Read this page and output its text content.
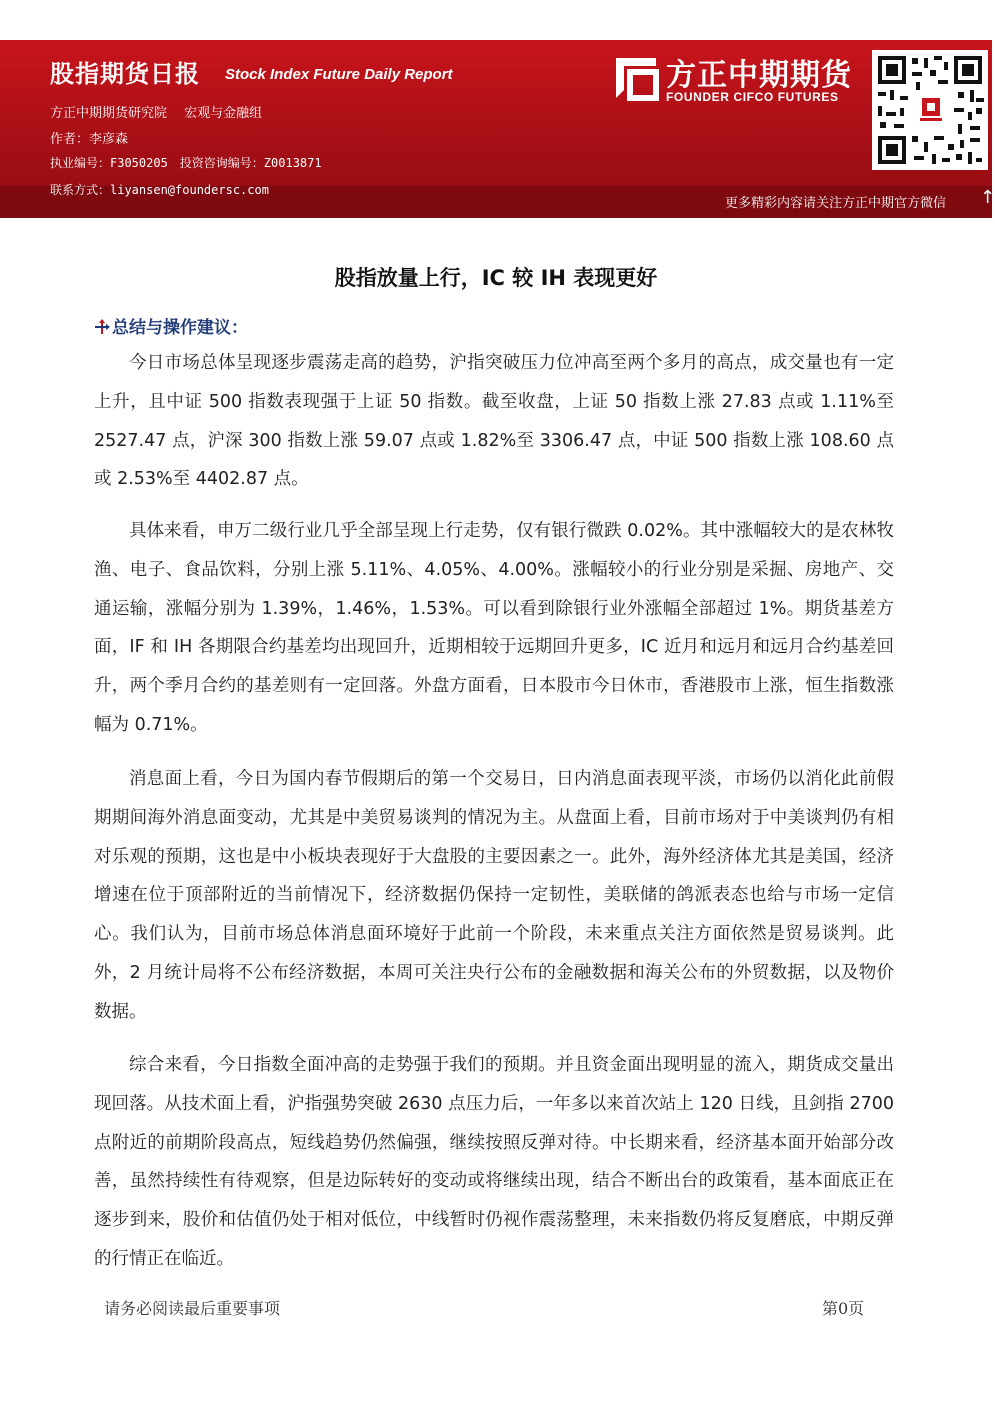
股指期货日报 Stock Index Future Daily Report
方正中期期货研究院　 宏观与金融组
作者：李彦森
执业编号：F3050205　投资咨询编号：Z0013871
联系方式：liyansen@foundersc.com
方正中期期货
FOUNDER CIFCO FUTURES
更多精彩内容请关注方正中期官方微信 ↑
股指放量上行，IC 较 IH 表现更好
总结与操作建议：
今日市场总体呈现逐步震荡走高的趋势，沪指突破压力位冲高至两个多月的高点，成交量也有一定上升，且中证 500 指数表现强于上证 50 指数。截至收盘，上证 50 指数上涨 27.83 点或 1.11%至 2527.47 点，沪深 300 指数上涨 59.07 点或 1.82%至 3306.47 点，中证 500 指数上涨 108.60 点或 2.53%至 4402.87 点。
具体来看，申万二级行业几乎全部呈现上行走势，仅有银行微跌 0.02%。其中涨幅较大的是农林牧渔、电子、食品饮料，分别上涨 5.11%、4.05%、4.00%。涨幅较小的行业分别是采掘、房地产、交通运输，涨幅分别为 1.39%，1.46%，1.53%。可以看到除银行业外涨幅全部超过 1%。期货基差方面，IF 和 IH 各期限合约基差均出现回升，近期相较于远期回升更多，IC 近月和远月和远月合约基差回升，两个季月合约的基差则有一定回落。外盘方面看，日本股市今日休市，香港股市上涨，恒生指数涨幅为 0.71%。
消息面上看，今日为国内春节假期后的第一个交易日，日内消息面表现平淡，市场仍以消化此前假期期间海外消息面变动，尤其是中美贸易谈判的情况为主。从盘面上看，目前市场对于中美谈判仍有相对乐观的预期，这也是中小板块表现好于大盘股的主要因素之一。此外，海外经济体尤其是美国，经济增速在位于顶部附近的当前情况下，经济数据仍保持一定韧性，美联储的鸽派表态也给与市场一定信心。我们认为，目前市场总体消息面环境好于此前一个阶段，未来重点关注方面依然是贸易谈判。此外，2 月统计局将不公布经济数据，本周可关注央行公布的金融数据和海关公布的外贸数据，以及物价数据。
综合来看，今日指数全面冲高的走势强于我们的预期。并且资金面出现明显的流入，期货成交量出现回落。从技术面上看，沪指强势突破 2630 点压力后，一年多以来首次站上 120 日线，且剑指 2700 点附近的前期阶段高点，短线趋势仍然偏强，继续按照反弹对待。中长期来看，经济基本面开始部分改善，虽然持续性有待观察，但是边际转好的变动或将继续出现，结合不断出台的政策看，基本面底正在逐步到来，股价和估值仍处于相对低位，中线暂时仍视作震荡整理，未来指数仍将反复磨底，中期反弹的行情正在临近。
请务必阅读最后重要事项	第0页
